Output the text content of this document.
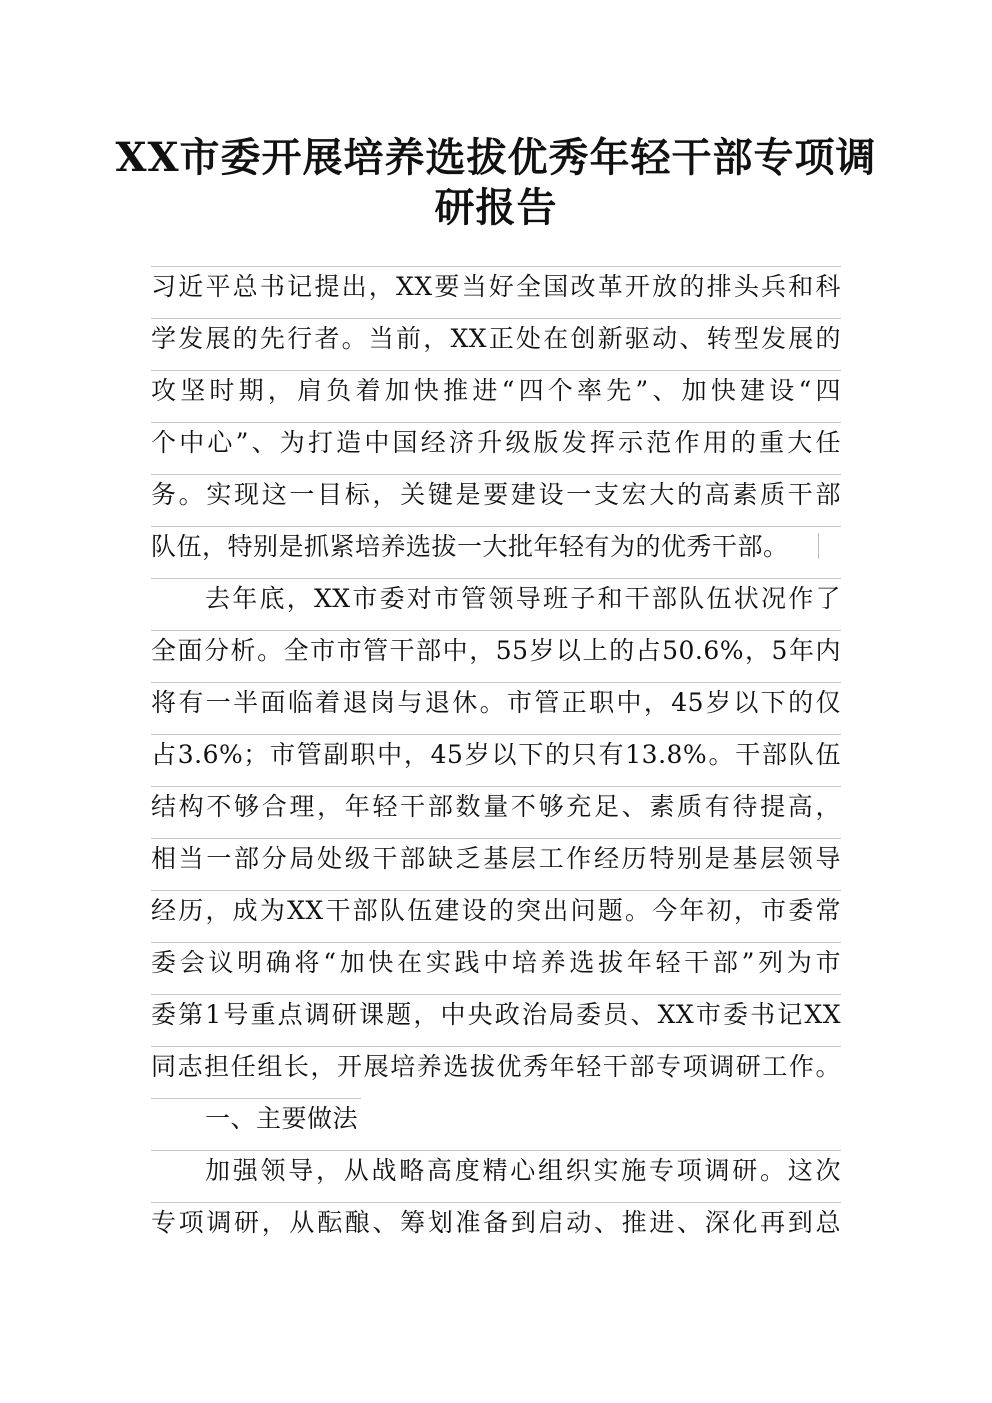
XX市委开展培养选拔优秀年轻干部专项调
研报告
习近平总书记提出，XX要当好全国改革开放的排头兵和科
学发展的先行者。当前，XX正处在创新驱动、转型发展的
攻坚时期，肩负着加快推进“四个率先”、加快建设“四
个中心”、为打造中国经济升级版发挥示范作用的重大任
务。实现这一目标，关键是要建设一支宏大的高素质干部
队伍，特别是抓紧培养选拔一大批年轻有为的优秀干部。
去年底，XX市委对市管领导班子和干部队伍状况作了
全面分析。全市市管干部中，55岁以上的占50.6%，5年内
将有一半面临着退岗与退休。市管正职中，45岁以下的仅
占3.6%；市管副职中，45岁以下的只有13.8%。干部队伍
结构不够合理，年轻干部数量不够充足、素质有待提高，
相当一部分局处级干部缺乏基层工作经历特别是基层领导
经历，成为XX干部队伍建设的突出问题。今年初，市委常
委会议明确将“加快在实践中培养选拔年轻干部”列为市
委第1号重点调研课题，中央政治局委员、XX市委书记XX
同志担任组长，开展培养选拔优秀年轻干部专项调研工作。
一、主要做法
加强领导，从战略高度精心组织实施专项调研。这次
专项调研，从酝酿、筹划准备到启动、推进、深化再到总
